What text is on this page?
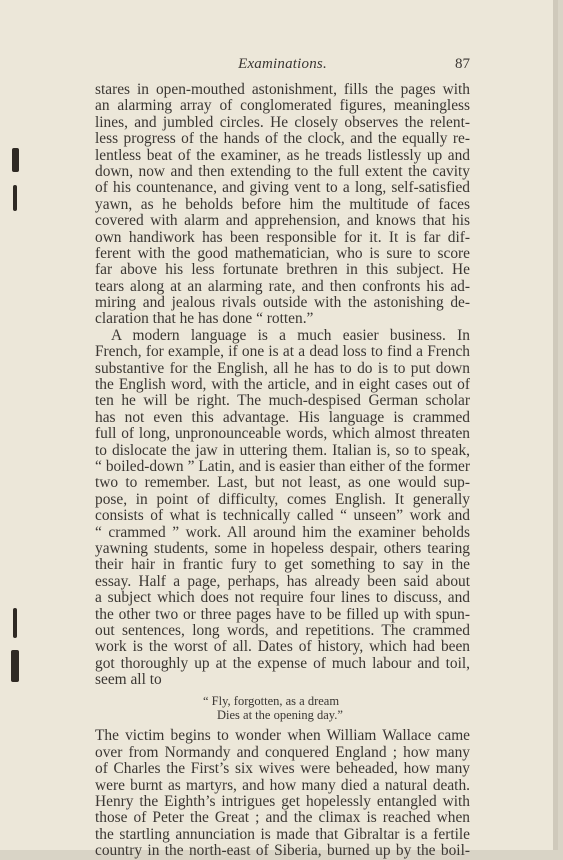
Examinations.	87
stares in open-mouthed astonishment, fills the pages with
an alarming array of conglomerated figures, meaningless
lines, and jumbled circles. He closely observes the relent-
less progress of the hands of the clock, and the equally re-
lentless beat of the examiner, as he treads listlessly up and
down, now and then extending to the full extent the cavity
of his countenance, and giving vent to a long, self-satisfied
yawn, as he beholds before him the multitude of faces
covered with alarm and apprehension, and knows that his
own handiwork has been responsible for it. It is far dif-
ferent with the good mathematician, who is sure to score
far above his less fortunate brethren in this subject. He
tears along at an alarming rate, and then confronts his ad-
miring and jealous rivals outside with the astonishing de-
claration that he has done “ rotten.”
A modern language is a much easier business. In
French, for example, if one is at a dead loss to find a French
substantive for the English, all he has to do is to put down
the English word, with the article, and in eight cases out of
ten he will be right. The much-despised German scholar
has not even this advantage. His language is crammed
full of long, unpronounceable words, which almost threaten
to dislocate the jaw in uttering them. Italian is, so to speak,
“ boiled-down ” Latin, and is easier than either of the former
two to remember. Last, but not least, as one would sup-
pose, in point of difficulty, comes English. It generally
consists of what is technically called “ unseen” work and
“ crammed ” work. All around him the examiner beholds
yawning students, some in hopeless despair, others tearing
their hair in frantic fury to get something to say in the
essay. Half a page, perhaps, has already been said about
a subject which does not require four lines to discuss, and
the other two or three pages have to be filled up with spun-
out sentences, long words, and repetitions. The crammed
work is the worst of all. Dates of history, which had been
got thoroughly up at the expense of much labour and toil,
seem all to
“ Fly, forgotten, as a dream
Dies at the opening day.”
The victim begins to wonder when William Wallace came
over from Normandy and conquered England ; how many
of Charles the First’s six wives were beheaded, how many
were burnt as martyrs, and how many died a natural death.
Henry the Eighth’s intrigues get hopelessly entangled with
those of Peter the Great ; and the climax is reached when
the startling annunciation is made that Gibraltar is a fertile
country in the north-east of Siberia, burned up by the boil-
